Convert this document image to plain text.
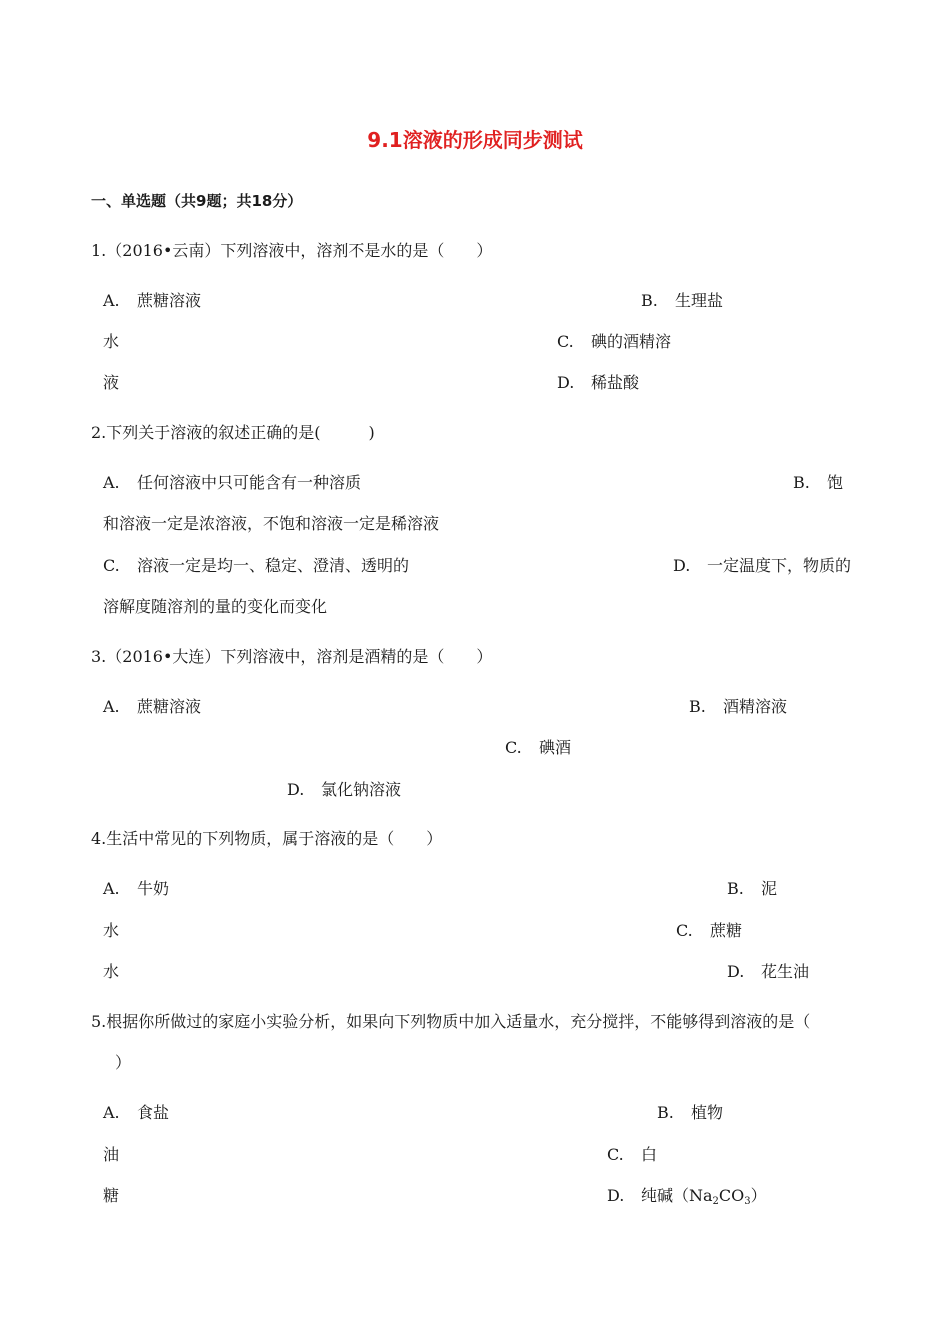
9.1溶液的形成同步测试
一、单选题（共9题；共18分）
1.（2016•云南）下列溶液中，溶剂不是水的是（　　）
A. 蔗糖溶液	B. 生理盐
水	C. 碘的酒精溶
液	D. 稀盐酸
2.下列关于溶液的叙述正确的是(　　　)
A. 任何溶液中只可能含有一种溶质	B. 饱
和溶液一定是浓溶液，不饱和溶液一定是稀溶液
C. 溶液一定是均一、稳定、澄清、透明的	D. 一定温度下，物质的
溶解度随溶剂的量的变化而变化
3.（2016•大连）下列溶液中，溶剂是酒精的是（　　）
A. 蔗糖溶液	B. 酒精溶液
C. 碘酒
D. 氯化钠溶液
4.生活中常见的下列物质，属于溶液的是（　　）
A. 牛奶	B. 泥
水	C. 蔗糖
水	D. 花生油
5.根据你所做过的家庭小实验分析，如果向下列物质中加入适量水，充分搅拌，不能够得到溶液的是（
）
A. 食盐	B. 植物
油	C. 白
糖	D. 纯碱$(Na_2CO_3)$
